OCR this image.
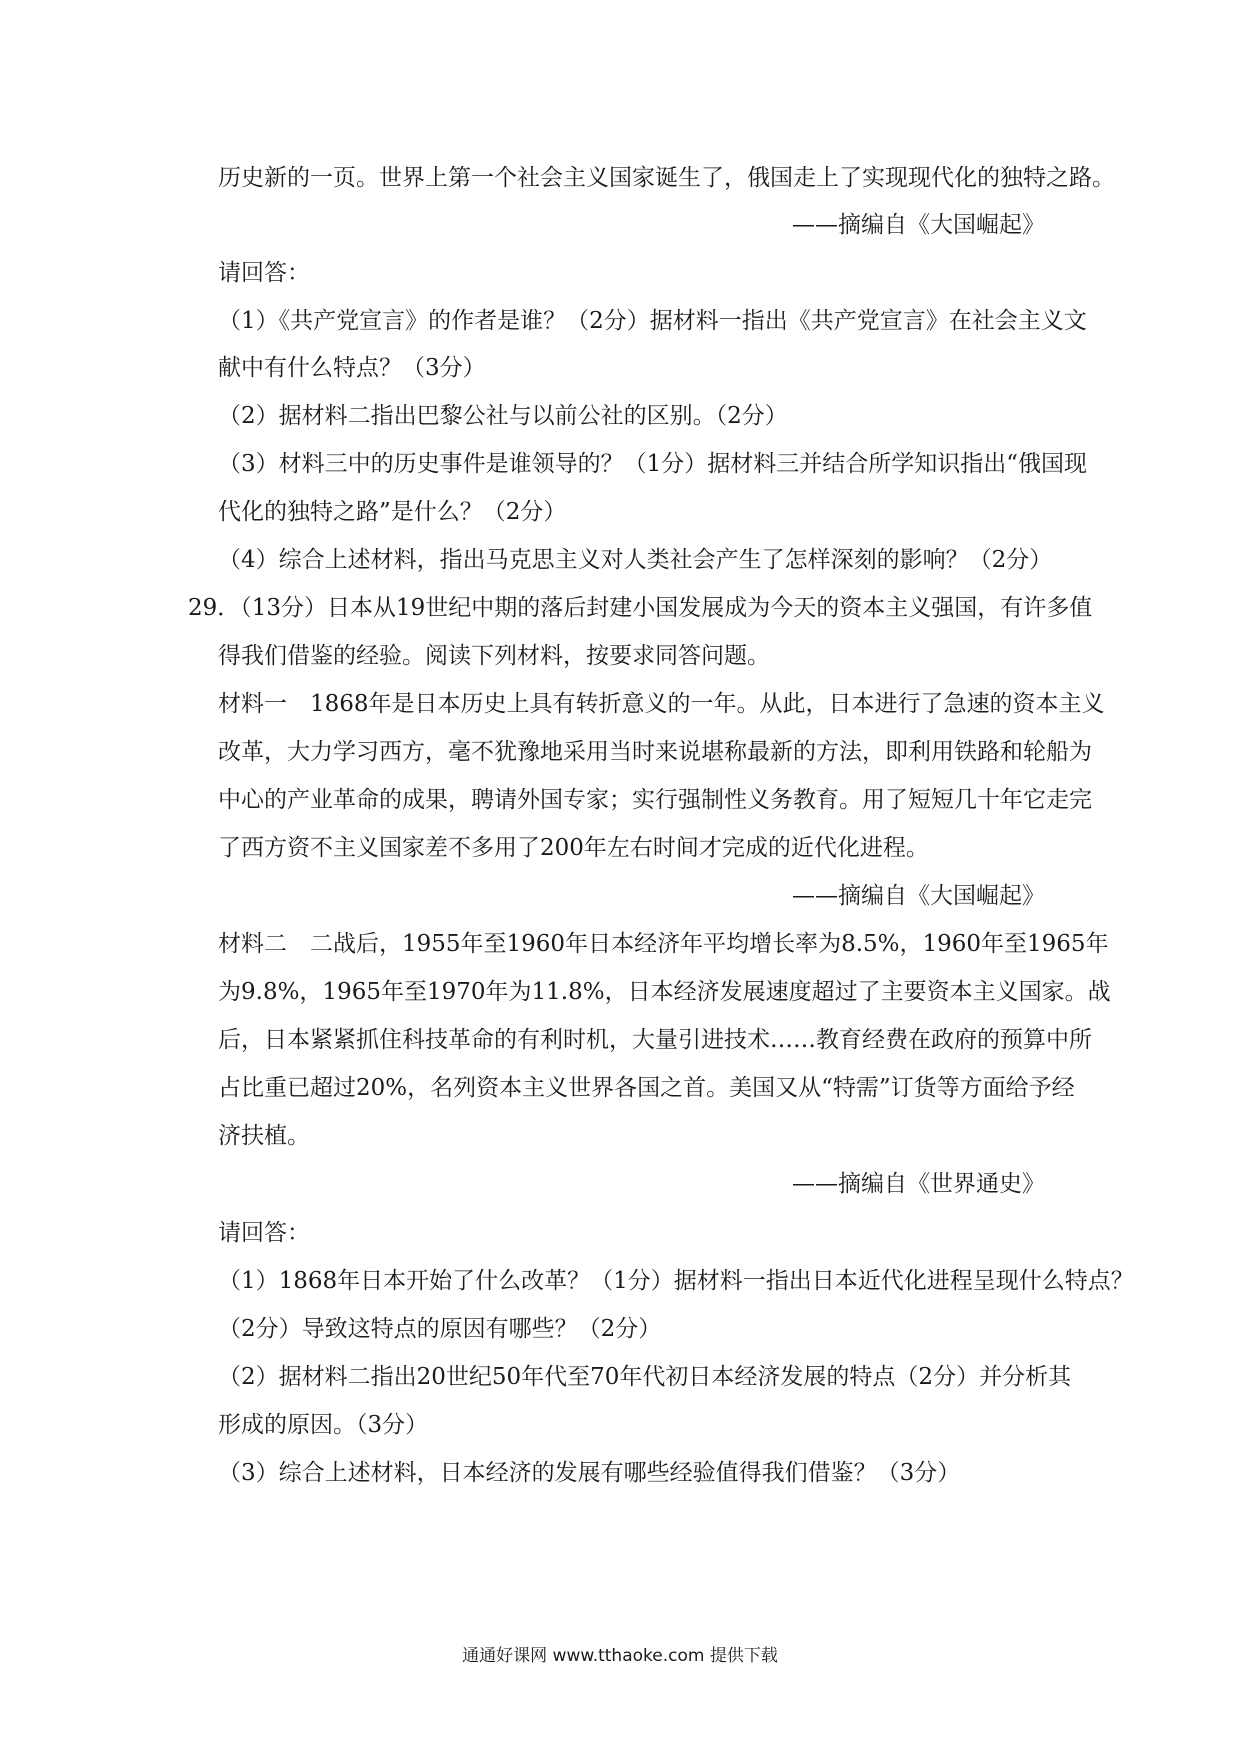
历史新的一页。世界上第一个社会主义国家诞生了，俄国走上了实现现代化的独特之路。
——摘编自《大国崛起》
请回答：
（1）《共产党宣言》的作者是谁？（2分）据材料一指出《共产党宣言》在社会主义文
献中有什么特点？（3分）
（2）据材料二指出巴黎公社与以前公社的区别。（2分）
（3）材料三中的历史事件是谁领导的？（1分）据材料三并结合所学知识指出“俄国现
代化的独特之路”是什么？（2分）
（4）综合上述材料，指出马克思主义对人类社会产生了怎样深刻的影响？（2分）
29．（13分）日本从19世纪中期的落后封建小国发展成为今天的资本主义强国，有许多值
得我们借鉴的经验。阅读下列材料，按要求同答问题。
材料一　1868年是日本历史上具有转折意义的一年。从此，日本进行了急速的资本主义
改革，大力学习西方，毫不犹豫地采用当时来说堪称最新的方法，即利用铁路和轮船为
中心的产业革命的成果，聘请外国专家；实行强制性义务教育。用了短短几十年它走完
了西方资不主义国家差不多用了200年左右时间才完成的近代化进程。
——摘编自《大国崛起》
材料二　二战后，1955年至1960年日本经济年平均增长率为8.5%，1960年至1965年
为9.8%，1965年至1970年为11.8%，日本经济发展速度超过了主要资本主义国家。战
后，日本紧紧抓住科技革命的有利时机，大量引进技术……教育经费在政府的预算中所
占比重已超过20%，名列资本主义世界各国之首。美国又从“特需”订货等方面给予经
济扶植。
——摘编自《世界通史》
请回答：
（1）1868年日本开始了什么改革？（1分）据材料一指出日本近代化进程呈现什么特点？
（2分）导致这特点的原因有哪些？（2分）
（2）据材料二指出20世纪50年代至70年代初日本经济发展的特点（2分）并分析其
形成的原因。（3分）
（3）综合上述材料，日本经济的发展有哪些经验值得我们借鉴？（3分）
通通好课网 www.tthaoke.com 提供下载
